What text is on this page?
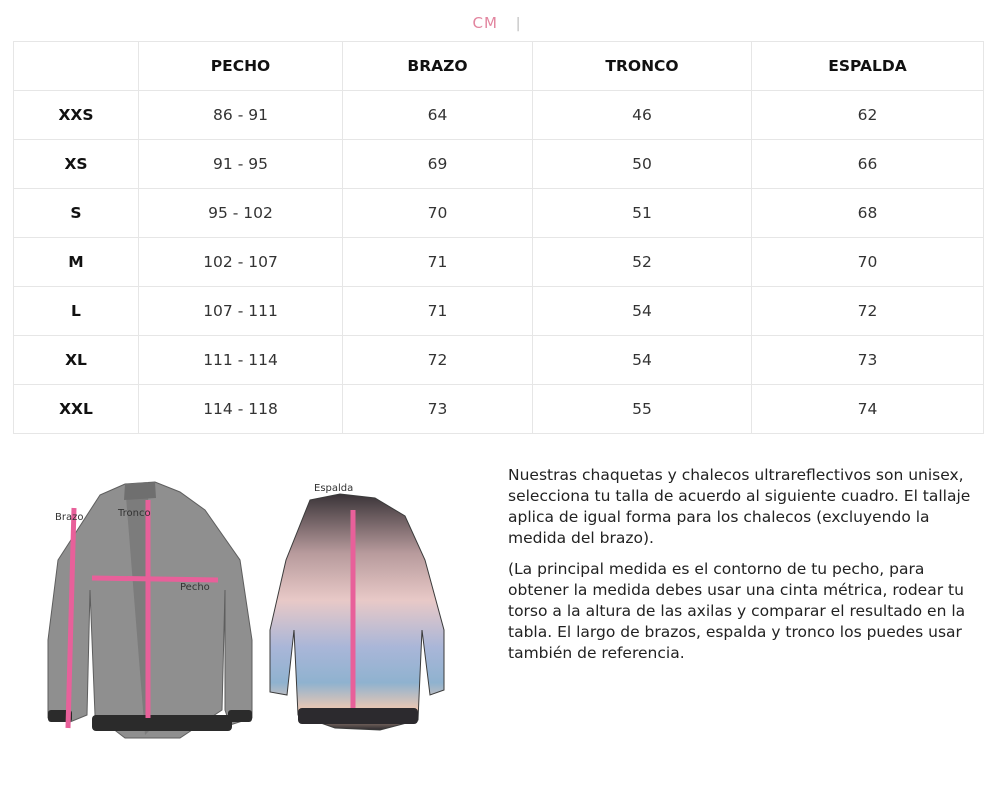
CM |
	PECHO	BRAZO	TRONCO	ESPALDA
XXS	86 - 91	64	46	62
XS	91 - 95	69	50	66
S	95 - 102	70	51	68
M	102 - 107	71	52	70
L	107 - 111	71	54	72
XL	111 - 114	72	54	73
XXL	114 - 118	73	55	74
Brazo	Tronco
Pecho
Espalda

Nuestras chaquetas y chalecos ultrareflectivos son unisex, selecciona tu talla de acuerdo al siguiente cuadro. El tallaje aplica de igual forma para los chalecos (excluyendo la medida del brazo).

(La principal medida es el contorno de tu pecho, para obtener la medida debes usar una cinta métrica, rodear tu torso a la altura de las axilas y comparar el resultado en la tabla. El largo de brazos, espalda y tronco los puedes usar también de referencia.
